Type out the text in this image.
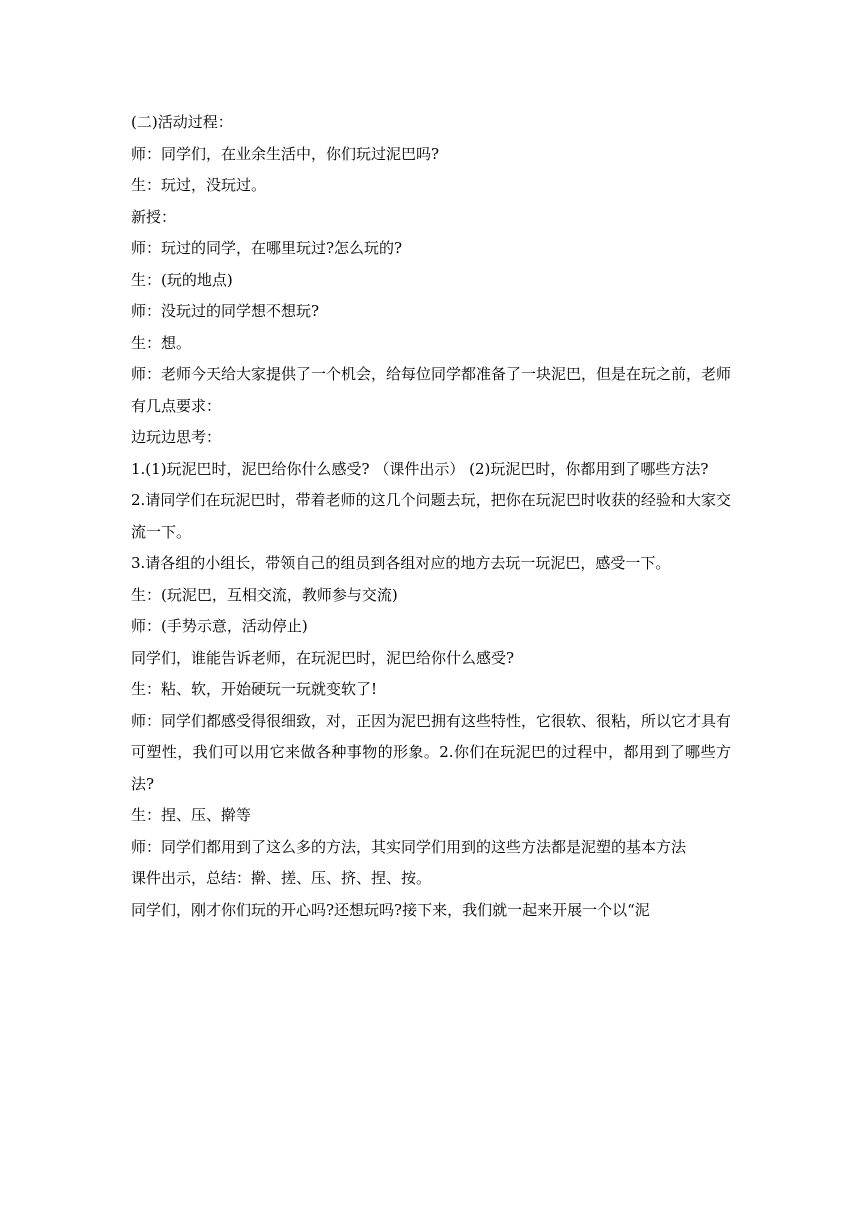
(二)活动过程：

师：同学们，在业余生活中，你们玩过泥巴吗?

生：玩过，没玩过。

新授：

师：玩过的同学，在哪里玩过?怎么玩的?

生：(玩的地点)

师：没玩过的同学想不想玩?

生：想。

师：老师今天给大家提供了一个机会，给每位同学都准备了一块泥巴，但是在玩之前，老师有几点要求：

边玩边思考：

1.(1)玩泥巴时，泥巴给你什么感受? （课件出示） (2)玩泥巴时，你都用到了哪些方法?

2.请同学们在玩泥巴时，带着老师的这几个问题去玩，把你在玩泥巴时收获的经验和大家交流一下。

3.请各组的小组长，带领自己的组员到各组对应的地方去玩一玩泥巴，感受一下。

生：(玩泥巴，互相交流，教师参与交流)

师：(手势示意，活动停止)

同学们，谁能告诉老师，在玩泥巴时，泥巴给你什么感受?

生：粘、软，开始硬玩一玩就变软了!

师：同学们都感受得很细致，对，正因为泥巴拥有这些特性，它很软、很粘，所以它才具有可塑性，我们可以用它来做各种事物的形象。2.你们在玩泥巴的过程中，都用到了哪些方法?

生：捏、压、擀等

师：同学们都用到了这么多的方法，其实同学们用到的这些方法都是泥塑的基本方法

课件出示，总结：擀、搓、压、挤、捏、按。

同学们，刚才你们玩的开心吗?还想玩吗?接下来，我们就一起来开展一个以“泥
